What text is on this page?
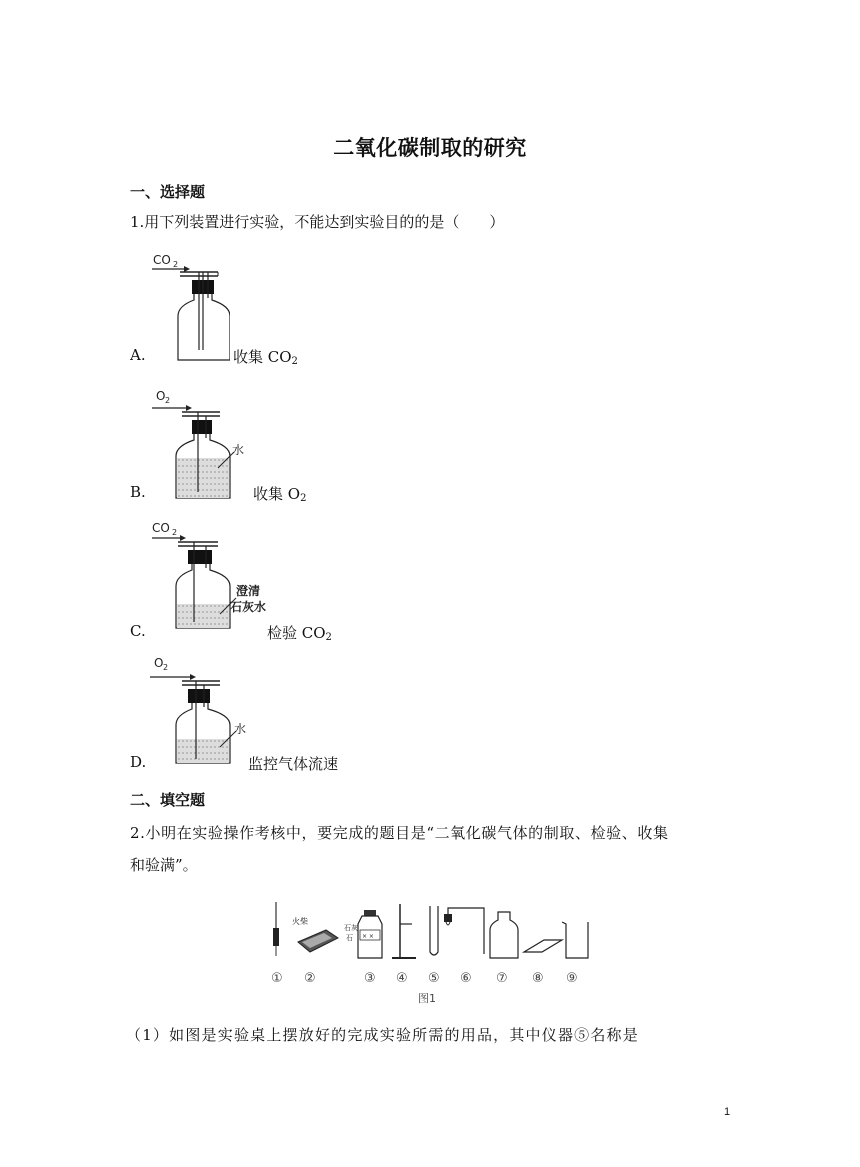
二氧化碳制取的研究
一、选择题
1.用下列装置进行实验，不能达到实验目的的是（　　）
CO 2
A.	收集 $CO_2$
O 2
水
B.	收集 $O_2$
CO 2
澄清
石灰水
C.	检验 $CO_2$
O 2
水
D.	监控气体流速
二、填空题
2.小明在实验操作考核中，要完成的题目是“二氧化碳气体的制取、检验、收集
和验满”。
火柴
× ×
石灰
石
① ②	③ ④ ⑤ ⑥ ⑦ ⑧ ⑨
图1
（1）如图是实验桌上摆放好的完成实验所需的用品，其中仪器⑤名称是
1
